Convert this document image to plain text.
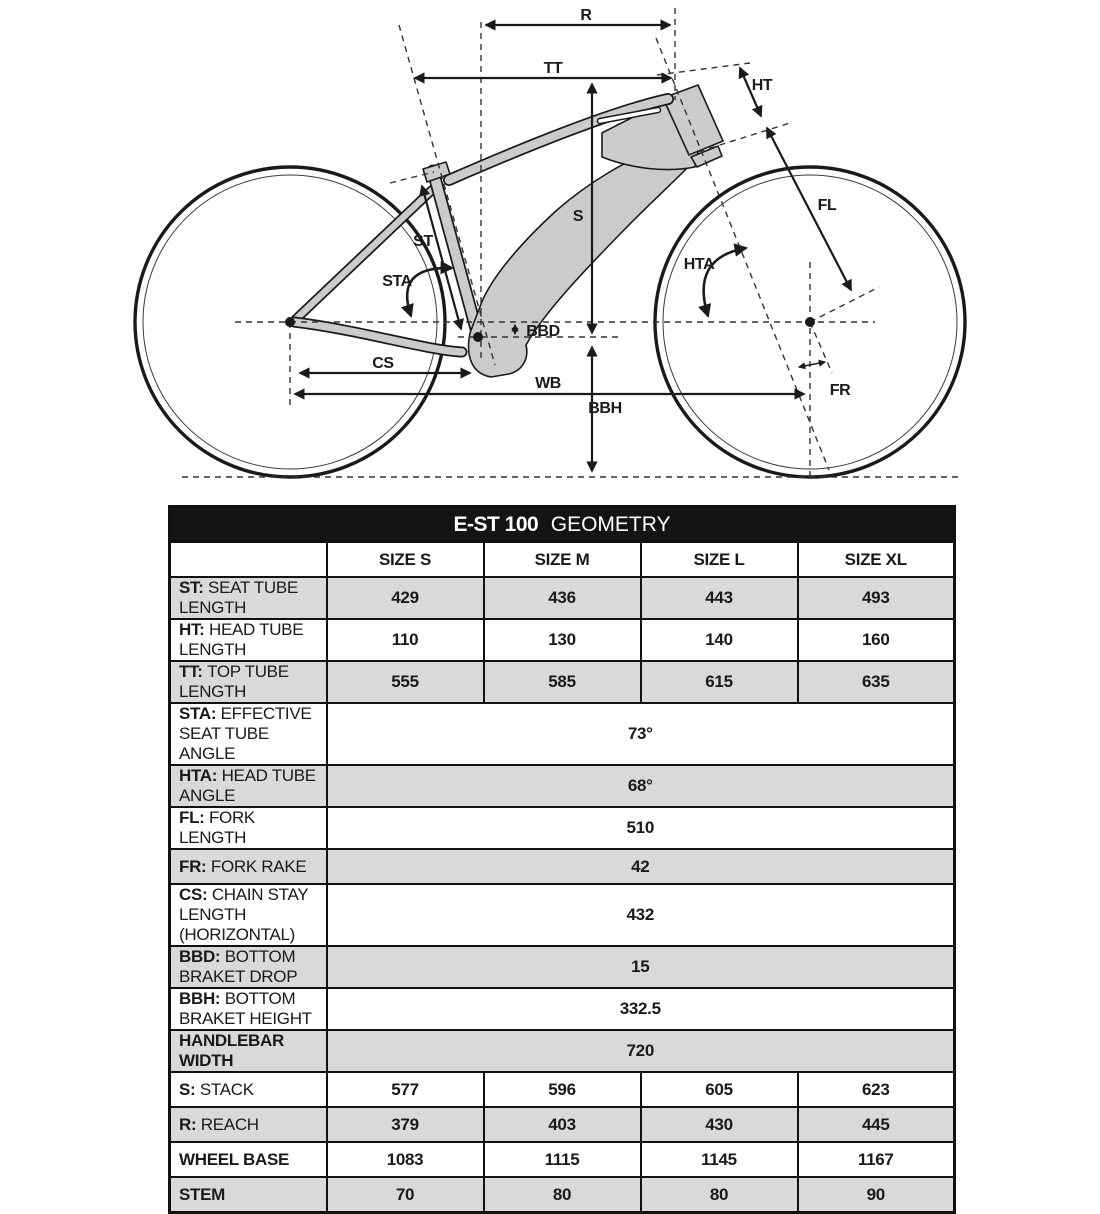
R
TT
HT
FL
S
ST
STA
HTA
BBD
CS
WB
BBH
FR
E-ST 100 GEOMETRY				
	SIZE S	SIZE M	SIZE L	SIZE XL
ST: SEAT TUBE LENGTH	429	436	443	493
HT: HEAD TUBE LENGTH	110	130	140	160
TT: TOP TUBE LENGTH	555	585	615	635
STA: EFFECTIVE SEAT TUBE ANGLE	73°			
HTA: HEAD TUBE ANGLE	68°			
FL: FORK LENGTH	510			
FR: FORK RAKE	42			
CS: CHAIN STAY LENGTH (HORIZONTAL)	432			
BBD: BOTTOM BRAKET DROP	15			
BBH: BOTTOM BRAKET HEIGHT	332.5			
HANDLEBAR WIDTH	720			
S: STACK	577	596	605	623
R: REACH	379	403	430	445
WHEEL BASE	1083	1115	1145	1167
STEM	70	80	80	90
